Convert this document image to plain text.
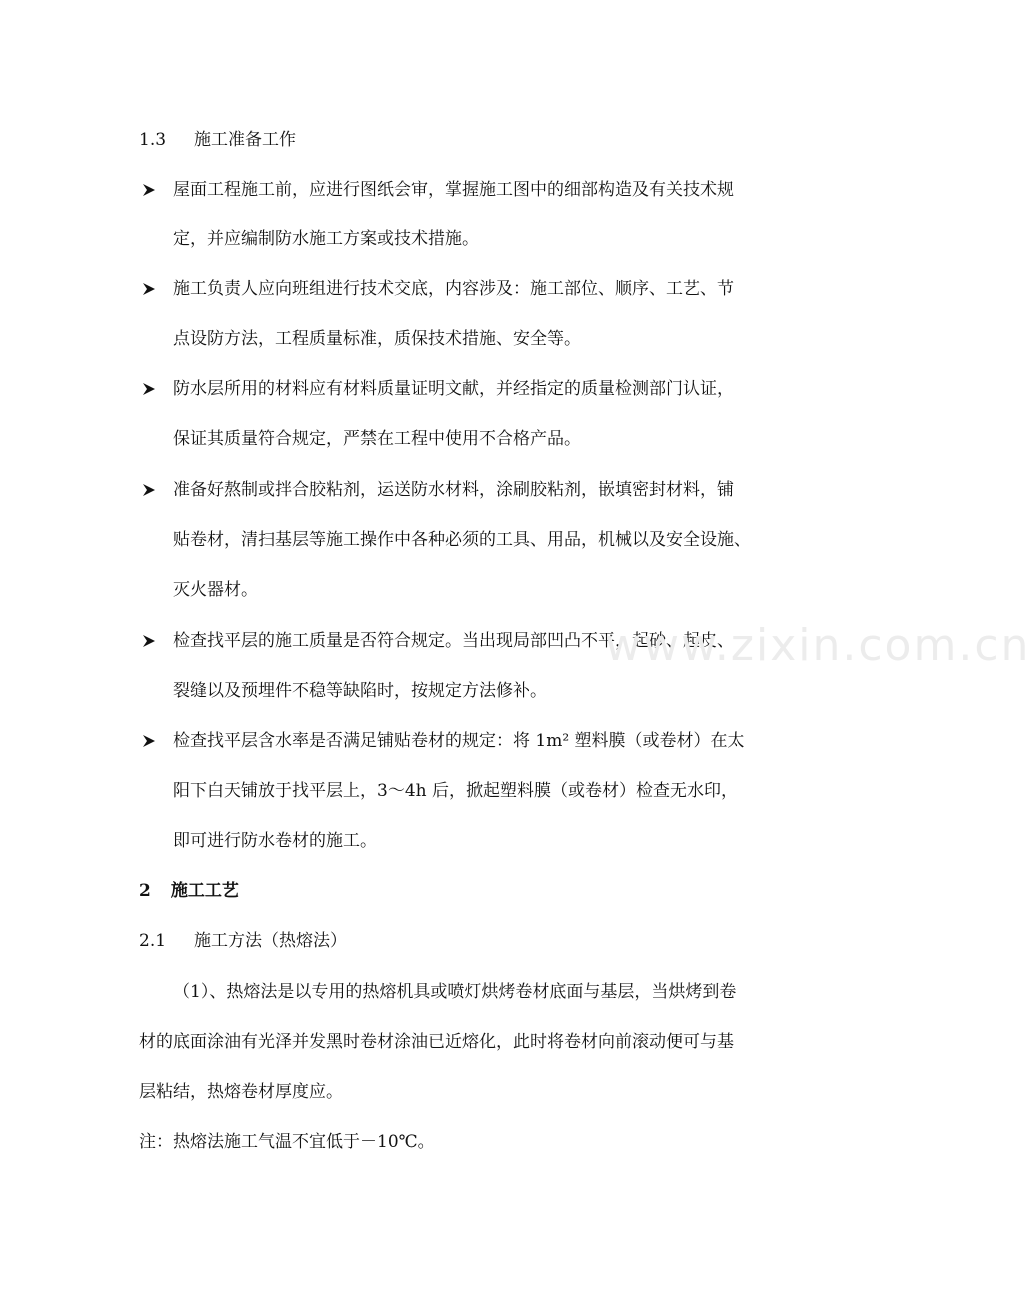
1.3 施工准备工作
屋面工程施工前，应进行图纸会审，掌握施工图中的细部构造及有关技术规
定，并应编制防水施工方案或技术措施。
施工负责人应向班组进行技术交底，内容涉及：施工部位、顺序、工艺、节
点设防方法，工程质量标准，质保技术措施、安全等。
防水层所用的材料应有材料质量证明文献，并经指定的质量检测部门认证，
保证其质量符合规定，严禁在工程中使用不合格产品。
准备好熬制或拌合胶粘剂，运送防水材料，涂刷胶粘剂，嵌填密封材料，铺
贴卷材，清扫基层等施工操作中各种必须的工具、用品，机械以及安全设施、
灭火器材。
检查找平层的施工质量是否符合规定。当出现局部凹凸不平，起砂、起皮、
裂缝以及预埋件不稳等缺陷时，按规定方法修补。
检查找平层含水率是否满足铺贴卷材的规定：将 1m² 塑料膜（或卷材）在太
阳下白天铺放于找平层上，3～4h 后，掀起塑料膜（或卷材）检查无水印，
即可进行防水卷材的施工。
2 施工工艺
2.1 施工方法（热熔法）
（1）、热熔法是以专用的热熔机具或喷灯烘烤卷材底面与基层，当烘烤到卷
材的底面涂油有光泽并发黑时卷材涂油已近熔化，此时将卷材向前滚动便可与基
层粘结，热熔卷材厚度应。
注：热熔法施工气温不宜低于－10℃。
www.zixin.com.cn
